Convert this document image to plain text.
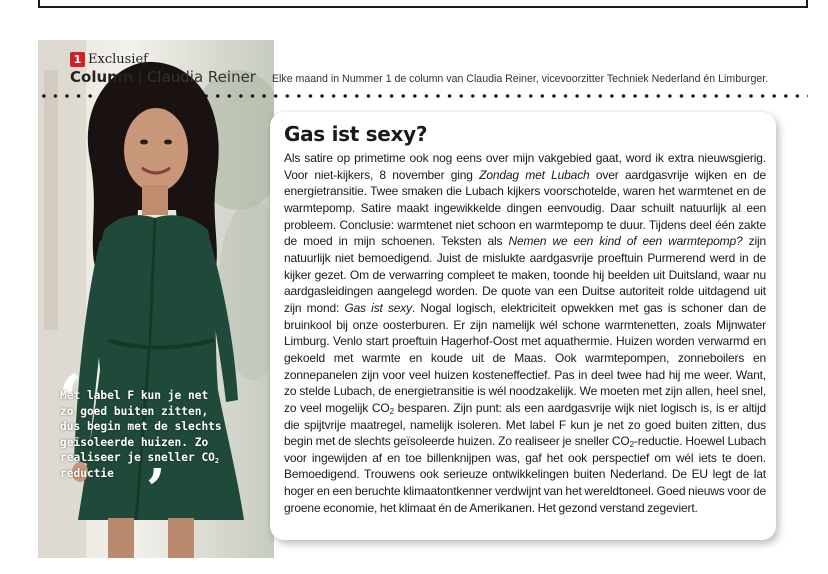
1 Exclusief
Column | Claudia Reiner Elke maand in Nummer 1 de column van Claudia Reiner, vicevoorzitter Techniek Nederland én Limburger.
Gas ist sexy?

Als satire op primetime ook nog eens over mijn vakgebied gaat, word ik extra nieuwsgierig. Voor niet-kijkers, 8 november ging Zondag met Lubach over aardgasvrije wijken en de energietransitie. Twee smaken die Lubach kijkers voorschotelde, waren het warmtenet en de warmtepomp. Satire maakt ingewikkelde dingen eenvoudig. Daar schuilt natuurlijk al een probleem. Conclusie: warmtenet niet schoon en warmtepomp te duur. Tijdens deel één zakte de moed in mijn schoenen. Teksten als Nemen we een kind of een warmtepomp? zijn natuurlijk niet bemoedigend. Juist de mislukte aardgasvrije proeftuin Purmerend werd in de kijker gezet. Om de verwarring compleet te maken, toonde hij beelden uit Duitsland, waar nu aardgasleidingen aangelegd worden. De quote van een Duitse autoriteit rolde uitdagend uit zijn mond: Gas ist sexy. Nogal logisch, elektriciteit opwekken met gas is schoner dan de bruinkool bij onze oosterburen. Er zijn namelijk wél schone warmtenetten, zoals Mijnwater Limburg. Venlo start proeftuin Hagerhof-Oost met aquathermie. Huizen worden verwarmd en gekoeld met warmte en koude uit de Maas. Ook warmtepompen, zonneboilers en zonnepanelen zijn voor veel huizen kosteneffectief. Pas in deel twee had hij me weer. Want, zo stelde Lubach, de energietransitie is wél noodzakelijk. We moeten met zijn allen, heel snel, zo veel mogelijk $CO_2$ besparen. Zijn punt: als een aardgasvrije wijk niet logisch is, is er altijd die spijtvrije maatregel, namelijk isoleren. Met label F kun je net zo goed buiten zitten, dus begin met de slechts geïsoleerde huizen. Zo realiseer je sneller $CO_2$-reductie. Hoewel Lubach voor ingewijden af en toe billenknijpen was, gaf het ook perspectief om wél iets te doen. Bemoedigend. Trouwens ook serieuze ontwikkelingen buiten Nederland. De EU legt de lat hoger en een beruchte klimaatontkenner verdwijnt van het wereldtoneel. Goed nieuws voor de groene economie, het klimaat én de Amerikanen. Het gezond verstand zegeviert.

‘
Met label F kun je net
zo goed buiten zitten,
dus begin met de slechts
geïsoleerde huizen. Zo
realiseer je sneller $CO_2$
reductie ’
